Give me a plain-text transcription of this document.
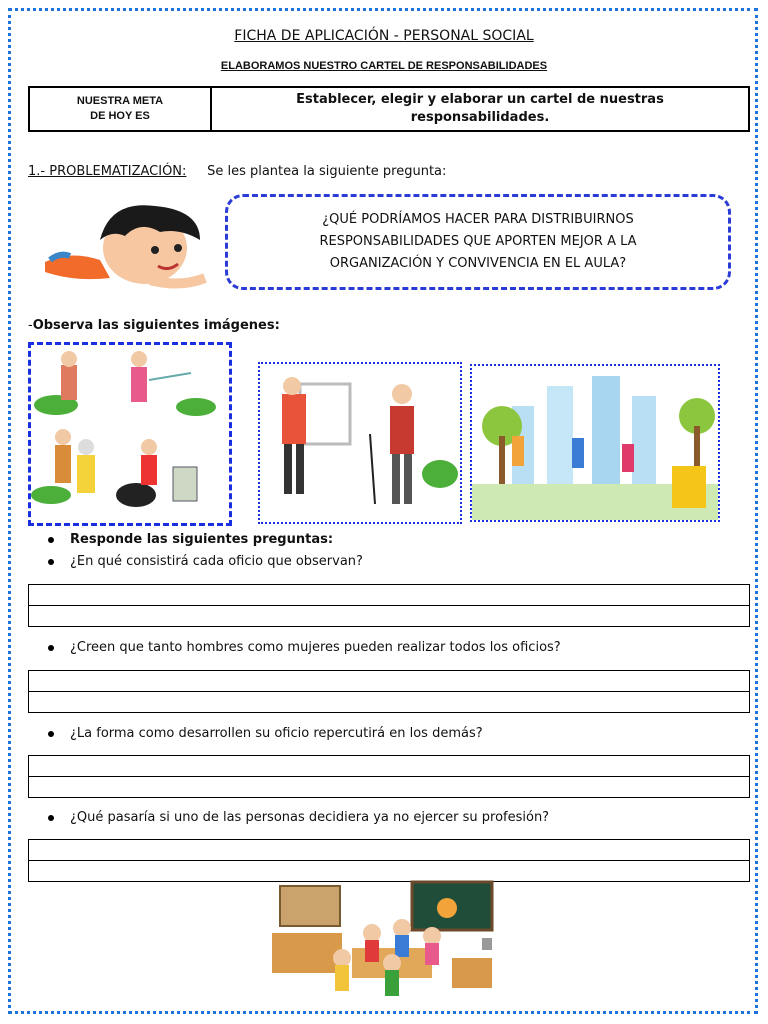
FICHA DE APLICACIÓN - PERSONAL SOCIAL
ELABORAMOS NUESTRO CARTEL DE RESPONSABILIDADES
NUESTRA META
DE HOY ES
Establecer, elegir y elaborar un cartel de nuestras
responsabilidades.
1.- PROBLEMATIZACIÓN: Se les plantea la siguiente pregunta:
¿QUÉ PODRÍAMOS HACER PARA DISTRIBUIRNOS
RESPONSABILIDADES QUE APORTEN MEJOR A LA
ORGANIZACIÓN Y CONVIVENCIA EN EL AULA?
-Observa las siguientes imágenes:
Responde las siguientes preguntas:
¿En qué consistirá cada oficio que observan?
¿Creen que tanto hombres como mujeres pueden realizar todos los oficios?
¿La forma como desarrollen su oficio repercutirá en los demás?
¿Qué pasaría si uno de las personas decidiera ya no ejercer su profesión?
